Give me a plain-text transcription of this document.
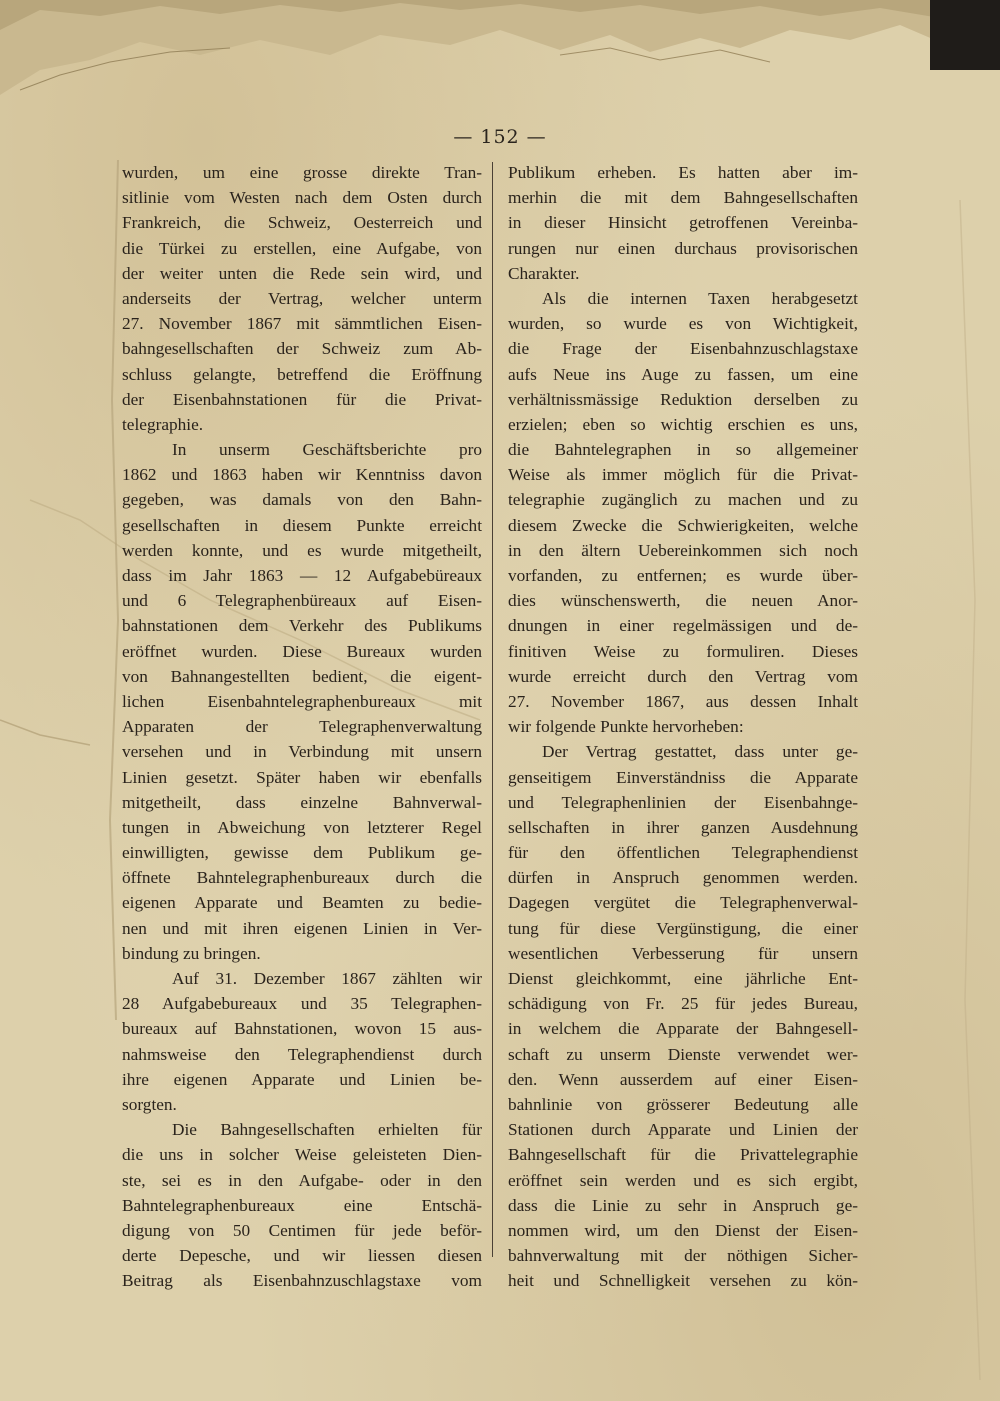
— 152 —
wurden, um eine grosse direkte Tran-
sitlinie vom Westen nach dem Osten durch
Frankreich, die Schweiz, Oesterreich und
die Türkei zu erstellen, eine Aufgabe, von
der weiter unten die Rede sein wird, und
anderseits der Vertrag, welcher unterm
27. November 1867 mit sämmtlichen Eisen-
bahngesellschaften der Schweiz zum Ab-
schluss gelangte, betreffend die Eröffnung
der Eisenbahnstationen für die Privat-
telegraphie.
In unserm Geschäftsberichte pro
1862 und 1863 haben wir Kenntniss davon
gegeben, was damals von den Bahn-
gesellschaften in diesem Punkte erreicht
werden konnte, und es wurde mitgetheilt,
dass im Jahr 1863 — 12 Aufgabebüreaux
und 6 Telegraphenbüreaux auf Eisen-
bahnstationen dem Verkehr des Publikums
eröffnet wurden. Diese Bureaux wurden
von Bahnangestellten bedient, die eigent-
lichen Eisenbahntelegraphenbureaux mit
Apparaten der Telegraphenverwaltung
versehen und in Verbindung mit unsern
Linien gesetzt. Später haben wir ebenfalls
mitgetheilt, dass einzelne Bahnverwal-
tungen in Abweichung von letzterer Regel
einwilligten, gewisse dem Publikum ge-
öffnete Bahntelegraphenbureaux durch die
eigenen Apparate und Beamten zu bedie-
nen und mit ihren eigenen Linien in Ver-
bindung zu bringen.
Auf 31. Dezember 1867 zählten wir
28 Aufgabebureaux und 35 Telegraphen-
bureaux auf Bahnstationen, wovon 15 aus-
nahmsweise den Telegraphendienst durch
ihre eigenen Apparate und Linien be-
sorgten.
Die Bahngesellschaften erhielten für
die uns in solcher Weise geleisteten Dien-
ste, sei es in den Aufgabe- oder in den
Bahntelegraphenbureaux eine Entschä-
digung von 50 Centimen für jede beför-
derte Depesche, und wir liessen diesen
Beitrag als Eisenbahnzuschlagstaxe vom
Publikum erheben. Es hatten aber im-
merhin die mit dem Bahngesellschaften
in dieser Hinsicht getroffenen Vereinba-
rungen nur einen durchaus provisorischen
Charakter.
Als die internen Taxen herabgesetzt
wurden, so wurde es von Wichtigkeit,
die Frage der Eisenbahnzuschlagstaxe
aufs Neue ins Auge zu fassen, um eine
verhältnissmässige Reduktion derselben zu
erzielen; eben so wichtig erschien es uns,
die Bahntelegraphen in so allgemeiner
Weise als immer möglich für die Privat-
telegraphie zugänglich zu machen und zu
diesem Zwecke die Schwierigkeiten, welche
in den ältern Uebereinkommen sich noch
vorfanden, zu entfernen; es wurde über-
dies wünschenswerth, die neuen Anor-
dnungen in einer regelmässigen und de-
finitiven Weise zu formuliren. Dieses
wurde erreicht durch den Vertrag vom
27. November 1867, aus dessen Inhalt
wir folgende Punkte hervorheben:
Der Vertrag gestattet, dass unter ge-
genseitigem Einverständniss die Apparate
und Telegraphenlinien der Eisenbahnge-
sellschaften in ihrer ganzen Ausdehnung
für den öffentlichen Telegraphendienst
dürfen in Anspruch genommen werden.
Dagegen vergütet die Telegraphenverwal-
tung für diese Vergünstigung, die einer
wesentlichen Verbesserung für unsern
Dienst gleichkommt, eine jährliche Ent-
schädigung von Fr. 25 für jedes Bureau,
in welchem die Apparate der Bahngesell-
schaft zu unserm Dienste verwendet wer-
den. Wenn ausserdem auf einer Eisen-
bahnlinie von grösserer Bedeutung alle
Stationen durch Apparate und Linien der
Bahngesellschaft für die Privattelegraphie
eröffnet sein werden und es sich ergibt,
dass die Linie zu sehr in Anspruch ge-
nommen wird, um den Dienst der Eisen-
bahnverwaltung mit der nöthigen Sicher-
heit und Schnelligkeit versehen zu kön-
